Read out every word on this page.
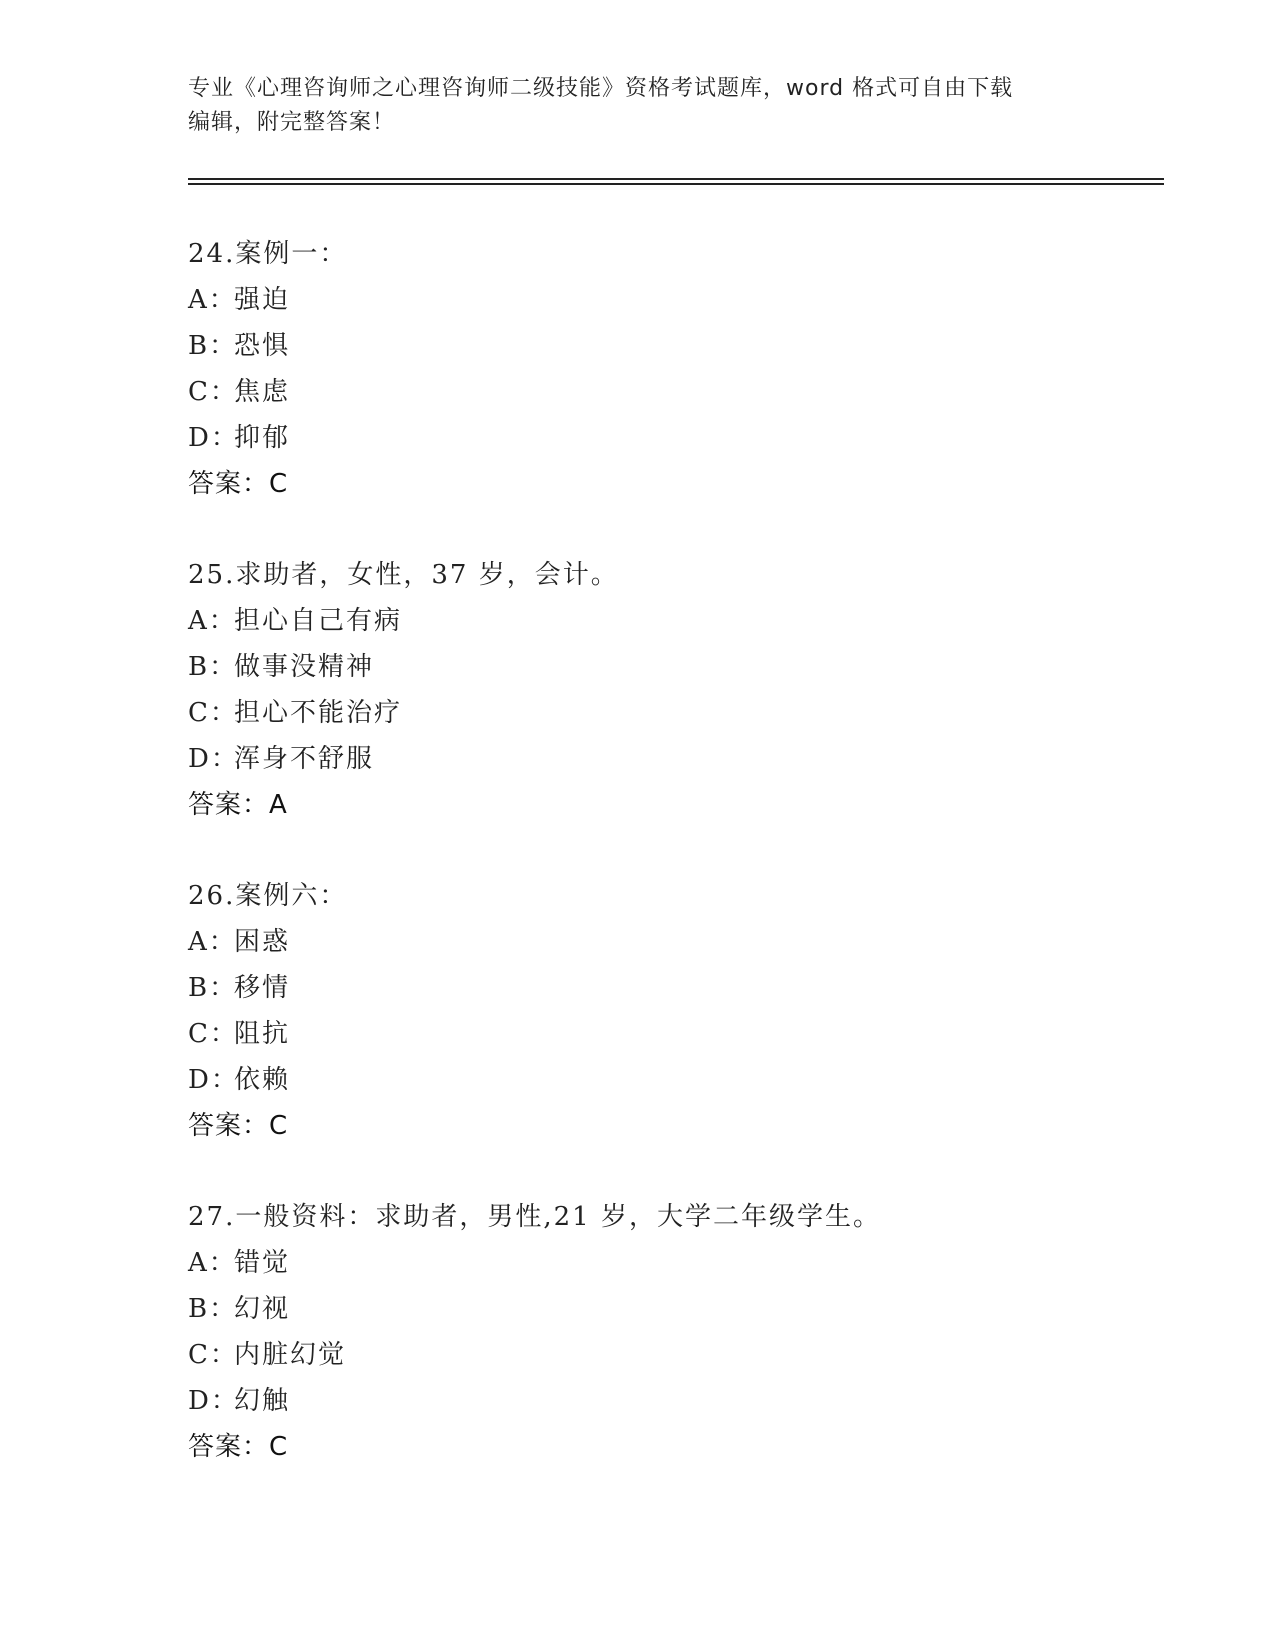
专业《心理咨询师之心理咨询师二级技能》资格考试题库，word 格式可自由下载
编辑，附完整答案！
24.案例一：
A：强迫
B：恐惧
C：焦虑
D：抑郁
答案：C
25.求助者，女性，37 岁，会计。
A：担心自己有病
B：做事没精神
C：担心不能治疗
D：浑身不舒服
答案：A
26.案例六：
A：困惑
B：移情
C：阻抗
D：依赖
答案：C
27.一般资料：求助者，男性,21 岁，大学二年级学生。
A：错觉
B：幻视
C：内脏幻觉
D：幻触
答案：C
